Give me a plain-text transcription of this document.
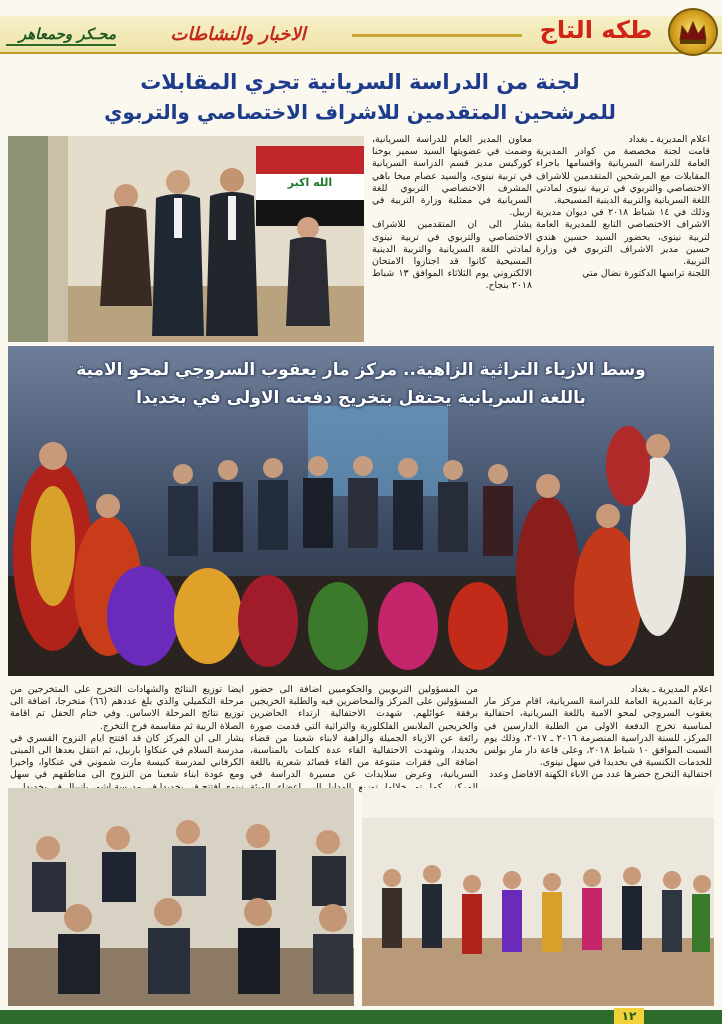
محـكر وحمعاهر	الاخبار والنشاطات	طكه التاج
لجنة من الدراسة السريانية تجري المقابلات
للمرشحين المتقدمين للاشراف الاختصاصي والتربوي
اعلام المديرية ـ بغداد
قامت لجنة مخصصة من كوادر المديرية العامة للدراسة السريانية واقسامها باجراء المقابلات مع المرشحين المتقدمين للاشراف الاختصاصي والتربوي في تربية نينوى لمادتي اللغة السريانية والتربية الدينية المسيحية.
وذلك في ١٤ شباط ٢٠١٨ في ديوان مديرية الاشراف الاختصاصي التابع للمديرية العامة لتربية نينوى، بحضور السيد حسين هندي حسين مدير الاشراف التربوي في وزارة التربية.
اللجنة تراسها الدكتورة نضال متي
معاون المدير العام للدراسة السريانية، وضمت في عضويتها السيد سمير يوخنا كوركيس مدير قسم الدراسة السريانية في تربية نينوى، والسيد عصام ميخا باهي المشرف الاختصاصي التربوي للغة السريانية في ممثلية وزارة التربية في اربيل.
يشار الى ان المتقدمين للاشراف الاختصاصي والتربوي في تربية نينوى لمادتي اللغة السريانية والتربية الدينية المسيحية كانوا قد اجتازوا الامتحان الالكتروني يوم الثلاثاء الموافق ١٣ شباط ٢٠١٨ بنجاح.
الله اكبر
وسط الازياء التراثية الزاهية.. مركز مار يعقوب السروجي لمحو الامية
باللغة السريانية يحتفل بتخريج دفعته الاولى في بخديدا
اعلام المديرية ـ بغداد
برعاية المديرية العامة للدراسة السريانية، اقام مركز مار يعقوب السروجي لمحو الامية باللغة السريانية، احتفالية لمناسبة تخرج الدفعة الاولى من الطلبة الدارسين في المركز، للسنة الدراسية المنصرمة ٢٠١٦ ـ ٢٠١٧، وذلك يوم السبت الموافق ١٠ شباط ٢٠١٨، وعلى قاعة دار مار بولس للخدمات الكنسية في بخديدا في سهل نينوى.
احتفالية التخرج حضرها عدد من الاباء الكهنة الافاضل وعدد
من المسؤولين التربويين والحكوميين اضافة الى حضور المسؤولين على المركز والمحاضرين فيه والطلبة الخريجين برفقة عوائلهم. شهدت الاحتفالية ارتداء الحاضرين والخريجين الملابس الفلكلورية والتراثية التي قدمت صورة رائعة عن الازياء الجميلة والزاهية لابناء شعبنا من قضاء بخديدا، وشهدت الاحتفالية القاء عدة كلمات بالمناسبة، اضافة الى فقرات متنوعة من القاء قصائد شعرية باللغة السريانية، وعرض سلايدات عن مسيرة الدراسة في
ايضا توزيع النتائج والشهادات التخرج على المتخرجين من مرحلة التكميلي والذي بلغ عددهم (٦٦) متخرجا، اضافة الى توزيع نتائج المرحلة الاساس. وفي ختام الحفل تم اقامة الصلاة الربية ثم مقاسمة فرح التخرج.
يشار الى ان المركز كان قد افتتح ايام النزوح القسري في مدرسة السلام في عنكاوا باربيل، ثم انتقل بعدها الى المبنى الكرفاني لمدرسة كنيسة مارت شموني في عنكاوا، واخيرا ومع عودة ابناء شعبنا من النزوح الى مناطقهم في سهل
١٢
